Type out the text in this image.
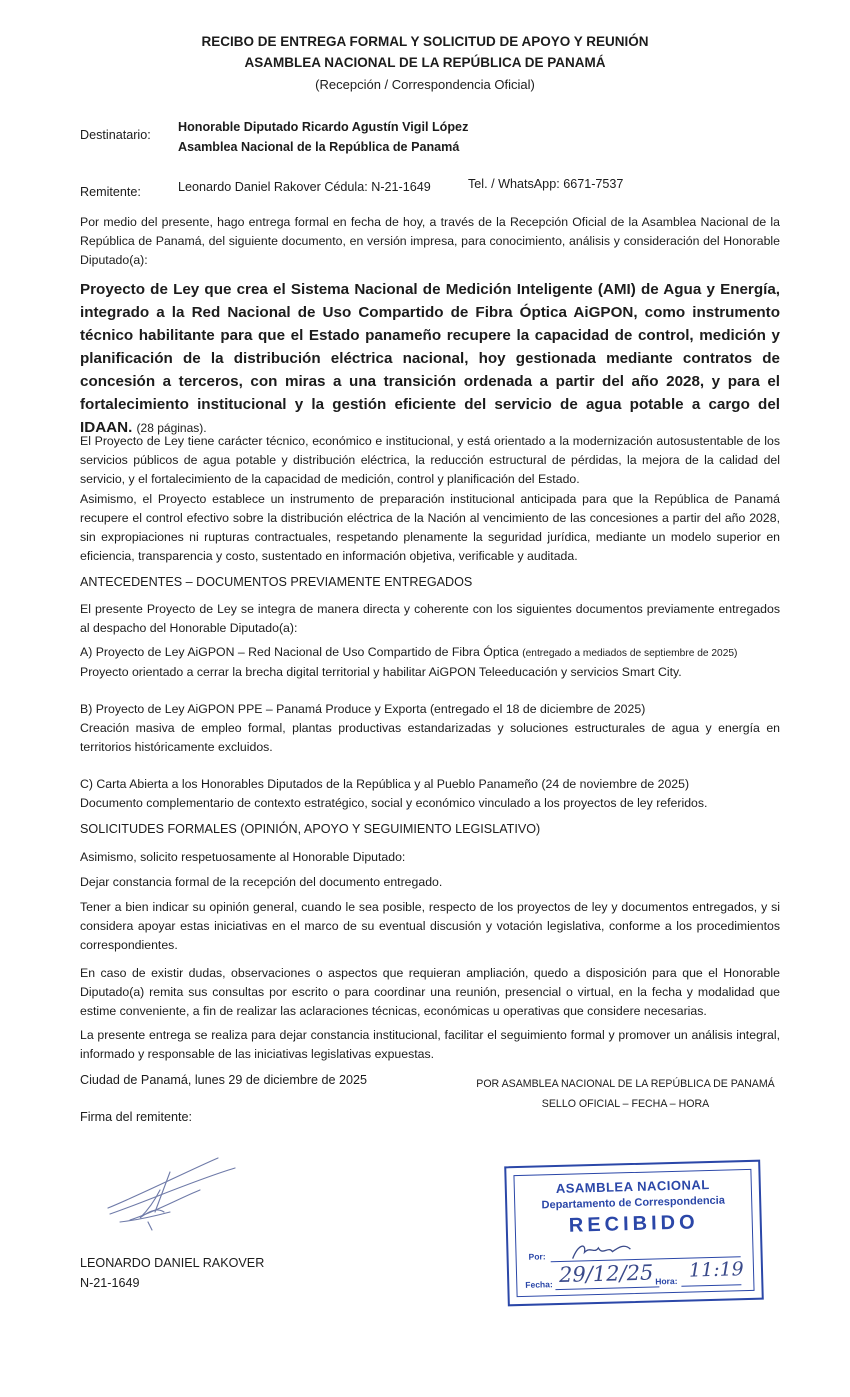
RECIBO DE ENTREGA FORMAL Y SOLICITUD DE APOYO Y REUNIÓN
ASAMBLEA NACIONAL DE LA REPÚBLICA DE PANAMÁ
(Recepción / Correspondencia Oficial)
Destinatario:
Honorable Diputado Ricardo Agustín Vigil López
Asamblea Nacional de la República de Panamá
Remitente:	Leonardo Daniel Rakover Cédula: N-21-1649	Tel. / WhatsApp: 6671-7537
Por medio del presente, hago entrega formal en fecha de hoy, a través de la Recepción Oficial de la Asamblea Nacional de la República de Panamá, del siguiente documento, en versión impresa, para conocimiento, análisis y consideración del Honorable Diputado(a):
Proyecto de Ley que crea el Sistema Nacional de Medición Inteligente (AMI) de Agua y Energía, integrado a la Red Nacional de Uso Compartido de Fibra Óptica AiGPON, como instrumento técnico habilitante para que el Estado panameño recupere la capacidad de control, medición y planificación de la distribución eléctrica nacional, hoy gestionada mediante contratos de concesión a terceros, con miras a una transición ordenada a partir del año 2028, y para el fortalecimiento institucional y la gestión eficiente del servicio de agua potable a cargo del IDAAN. (28 páginas).
El Proyecto de Ley tiene carácter técnico, económico e institucional, y está orientado a la modernización autosustentable de los servicios públicos de agua potable y distribución eléctrica, la reducción estructural de pérdidas, la mejora de la calidad del servicio, y el fortalecimiento de la capacidad de medición, control y planificación del Estado.
Asimismo, el Proyecto establece un instrumento de preparación institucional anticipada para que la República de Panamá recupere el control efectivo sobre la distribución eléctrica de la Nación al vencimiento de las concesiones a partir del año 2028, sin expropiaciones ni rupturas contractuales, respetando plenamente la seguridad jurídica, mediante un modelo superior en eficiencia, transparencia y costo, sustentado en información objetiva, verificable y auditada.
ANTECEDENTES – DOCUMENTOS PREVIAMENTE ENTREGADOS
El presente Proyecto de Ley se integra de manera directa y coherente con los siguientes documentos previamente entregados al despacho del Honorable Diputado(a):
A) Proyecto de Ley AiGPON – Red Nacional de Uso Compartido de Fibra Óptica (entregado a mediados de septiembre de 2025)
Proyecto orientado a cerrar la brecha digital territorial y habilitar AiGPON Teleeducación y servicios Smart City.
B) Proyecto de Ley AiGPON PPE – Panamá Produce y Exporta (entregado el 18 de diciembre de 2025)
Creación masiva de empleo formal, plantas productivas estandarizadas y soluciones estructurales de agua y energía en territorios históricamente excluidos.
C) Carta Abierta a los Honorables Diputados de la República y al Pueblo Panameño (24 de noviembre de 2025)
Documento complementario de contexto estratégico, social y económico vinculado a los proyectos de ley referidos.
SOLICITUDES FORMALES (OPINIÓN, APOYO Y SEGUIMIENTO LEGISLATIVO)
Asimismo, solicito respetuosamente al Honorable Diputado:
Dejar constancia formal de la recepción del documento entregado.
Tener a bien indicar su opinión general, cuando le sea posible, respecto de los proyectos de ley y documentos entregados, y si considera apoyar estas iniciativas en el marco de su eventual discusión y votación legislativa, conforme a los procedimientos correspondientes.
En caso de existir dudas, observaciones o aspectos que requieran ampliación, quedo a disposición para que el Honorable Diputado(a) remita sus consultas por escrito o para coordinar una reunión, presencial o virtual, en la fecha y modalidad que estime conveniente, a fin de realizar las aclaraciones técnicas, económicas u operativas que considere necesarias.
La presente entrega se realiza para dejar constancia institucional, facilitar el seguimiento formal y promover un análisis integral, informado y responsable de las iniciativas legislativas expuestas.
Ciudad de Panamá, lunes 29 de diciembre de 2025	POR ASAMBLEA NACIONAL DE LA REPÚBLICA DE PANAMÁ
SELLO OFICIAL – FECHA – HORA
Firma del remitente:
LEONARDO DANIEL RAKOVER
N-21-1649
ASAMBLEA NACIONAL
Departamento de Correspondencia
RECIBIDO
Por:
Fecha: 29/12/25 Hora: 11:19
